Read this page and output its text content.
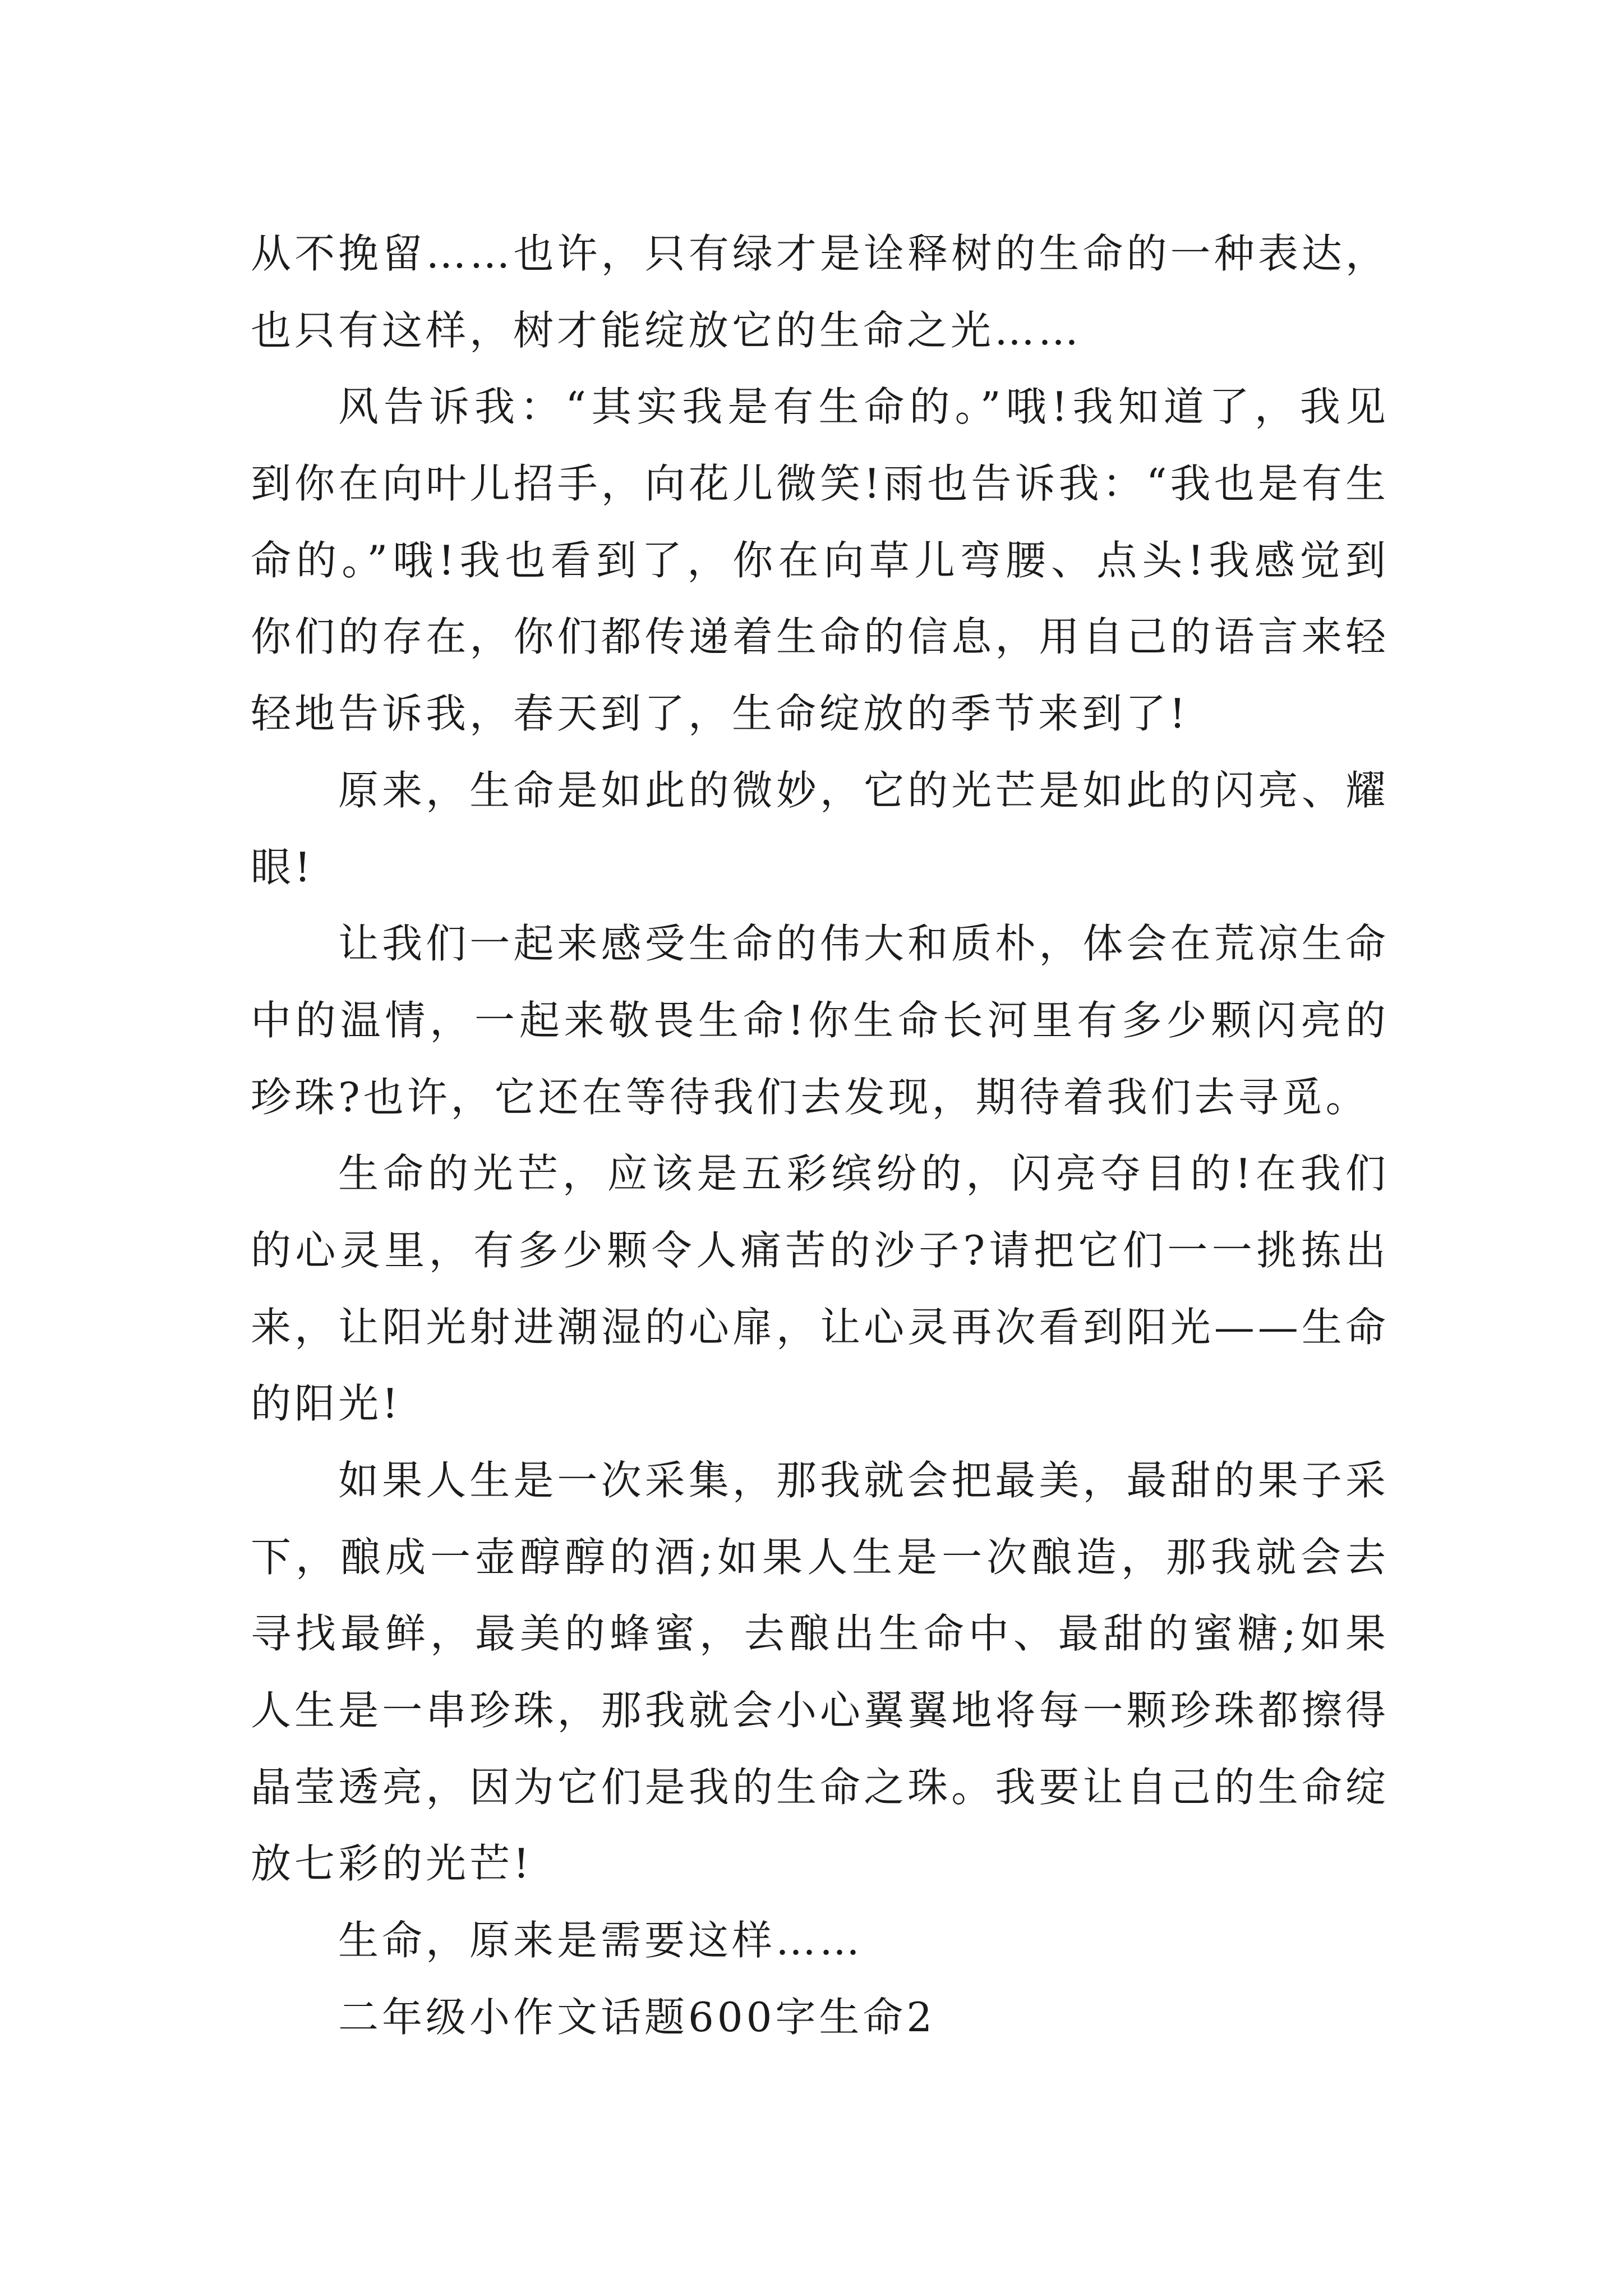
从不挽留……也许，只有绿才是诠释树的生命的一种表达，
也只有这样，树才能绽放它的生命之光……
风告诉我：“其实我是有生命的。”哦!我知道了，我见
到你在向叶儿招手，向花儿微笑!雨也告诉我：“我也是有生
命的。”哦!我也看到了，你在向草儿弯腰、点头!我感觉到
你们的存在，你们都传递着生命的信息，用自己的语言来轻
轻地告诉我，春天到了，生命绽放的季节来到了!
原来，生命是如此的微妙，它的光芒是如此的闪亮、耀
眼!
让我们一起来感受生命的伟大和质朴，体会在荒凉生命
中的温情，一起来敬畏生命!你生命长河里有多少颗闪亮的
珍珠?也许，它还在等待我们去发现，期待着我们去寻觅。
生命的光芒，应该是五彩缤纷的，闪亮夺目的!在我们
的心灵里，有多少颗令人痛苦的沙子?请把它们一一挑拣出
来，让阳光射进潮湿的心扉，让心灵再次看到阳光——生命
的阳光!
如果人生是一次采集，那我就会把最美，最甜的果子采
下，酿成一壶醇醇的酒;如果人生是一次酿造，那我就会去
寻找最鲜，最美的蜂蜜，去酿出生命中、最甜的蜜糖;如果
人生是一串珍珠，那我就会小心翼翼地将每一颗珍珠都擦得
晶莹透亮，因为它们是我的生命之珠。我要让自己的生命绽
放七彩的光芒!
生命，原来是需要这样……
二年级小作文话题600字生命2
